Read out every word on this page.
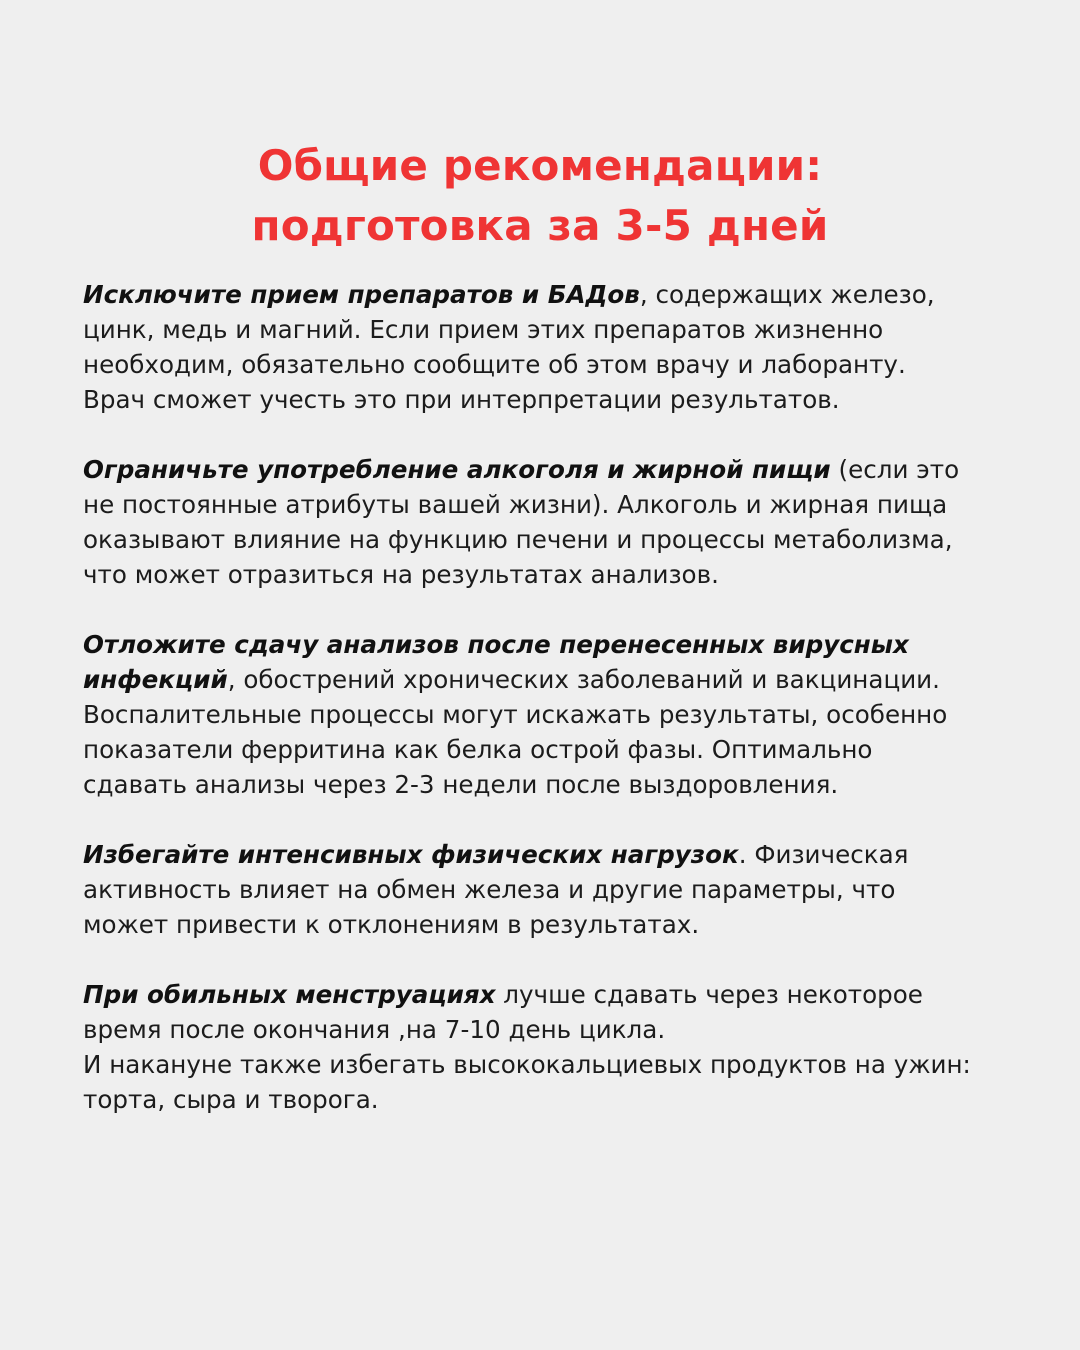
Общие рекомендации:
подготовка за 3-5 дней

Исключите прием препаратов и БАДов, содержащих железо,
цинк, медь и магний. Если прием этих препаратов жизненно
необходим, обязательно сообщите об этом врачу и лаборанту.
Врач сможет учесть это при интерпретации результатов.

Ограничьте употребление алкоголя и жирной пищи (если это
не постоянные атрибуты вашей жизни). Алкоголь и жирная пища
оказывают влияние на функцию печени и процессы метаболизма,
что может отразиться на результатах анализов.

Отложите сдачу анализов после перенесенных вирусных
инфекций, обострений хронических заболеваний и вакцинации.
Воспалительные процессы могут искажать результаты, особенно
показатели ферритина как белка острой фазы. Оптимально
сдавать анализы через 2-3 недели после выздоровления.

Избегайте интенсивных физических нагрузок. Физическая
активность влияет на обмен железа и другие параметры, что
может привести к отклонениям в результатах.

При обильных менструациях лучше сдавать через некоторое
время после окончания ,на 7-10 день цикла.
И накануне также избегать высококальциевых продуктов на ужин:
торта, сыра и творога.
